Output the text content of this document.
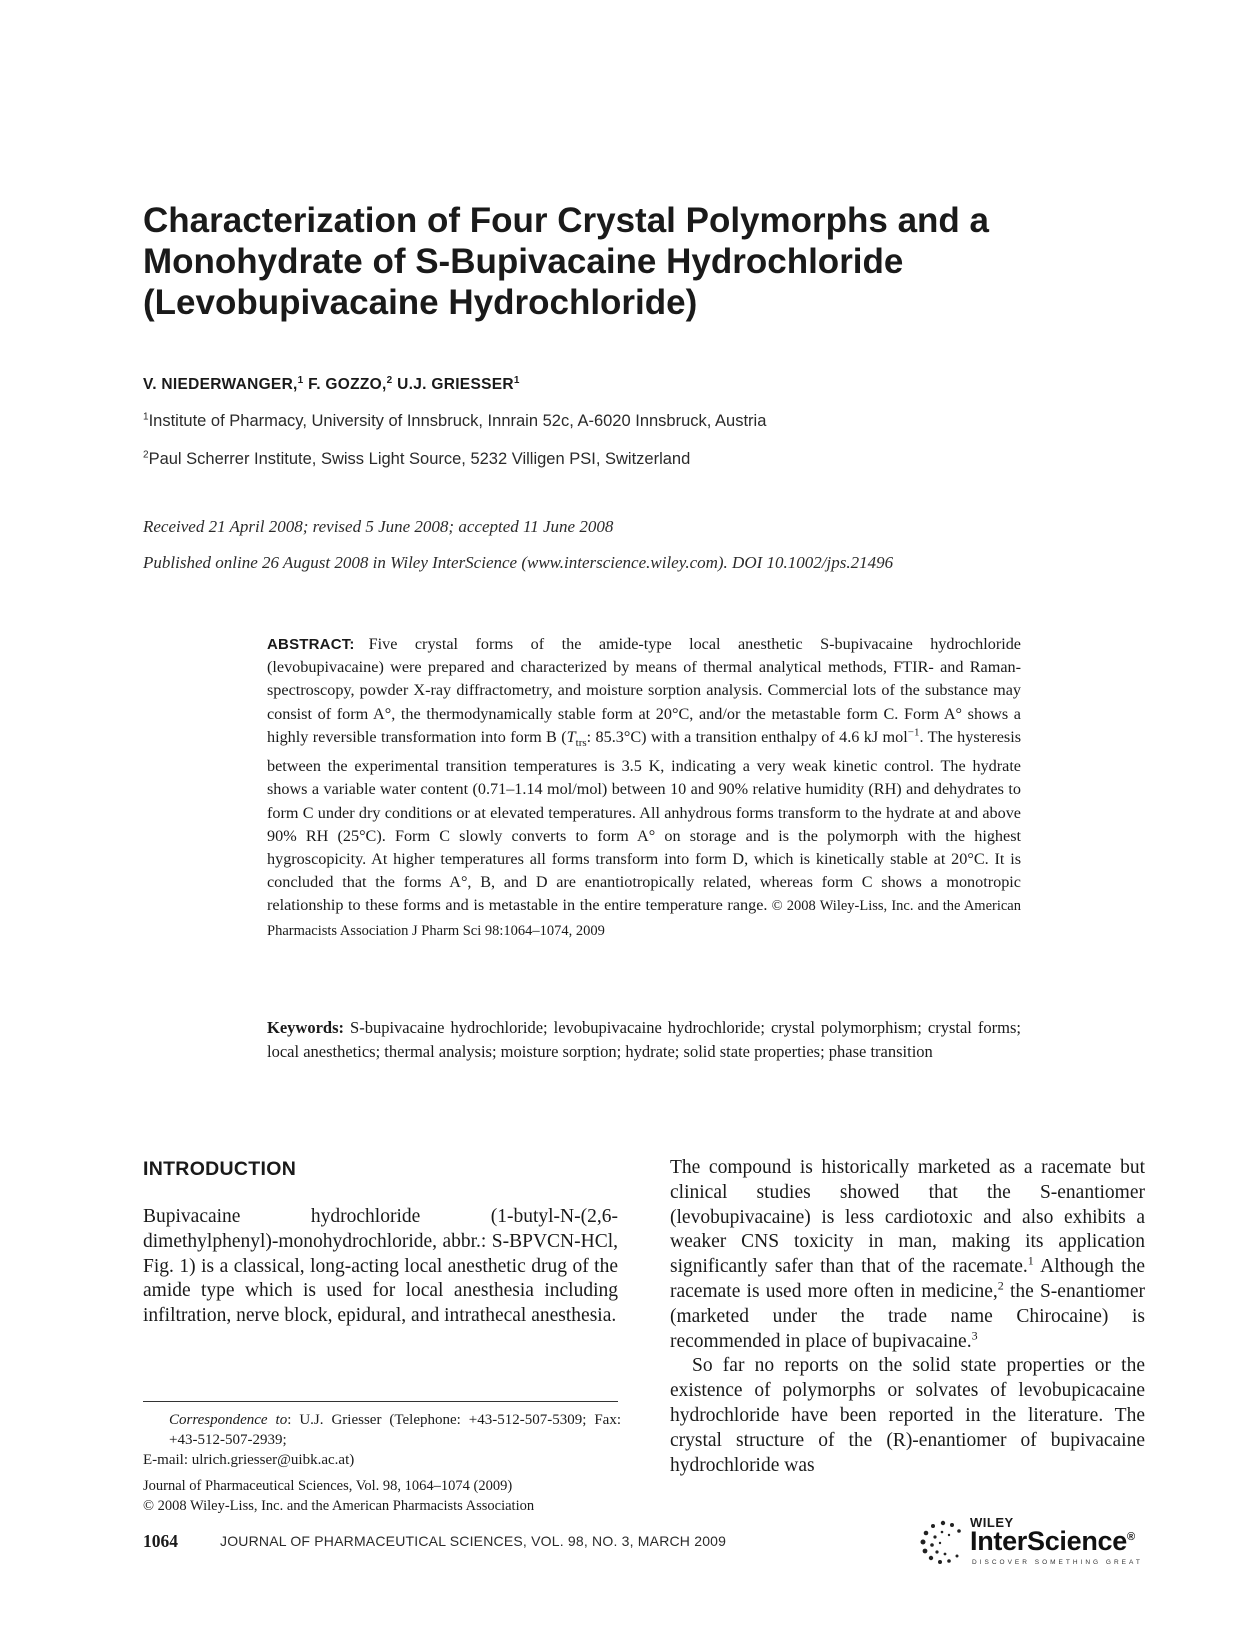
Characterization of Four Crystal Polymorphs and a
Monohydrate of S-Bupivacaine Hydrochloride
(Levobupivacaine Hydrochloride)
V. NIEDERWANGER,$^1$ F. GOZZO,$^2$ U.J. GRIESSER$^1$
$^1$Institute of Pharmacy, University of Innsbruck, Innrain 52c, A-6020 Innsbruck, Austria
$^2$Paul Scherrer Institute, Swiss Light Source, 5232 Villigen PSI, Switzerland
Received 21 April 2008; revised 5 June 2008; accepted 11 June 2008
Published online 26 August 2008 in Wiley InterScience (www.interscience.wiley.com). DOI 10.1002/jps.21496
ABSTRACT: Five crystal forms of the amide-type local anesthetic S-bupivacaine hydrochloride (levobupivacaine) were prepared and characterized by means of thermal analytical methods, FTIR- and Raman-spectroscopy, powder X-ray diffractometry, and moisture sorption analysis. Commercial lots of the substance may consist of form A°, the thermodynamically stable form at 20°C, and/or the metastable form C. Form A° shows a highly reversible transformation into form B ($T_{trs}$: 85.3°C) with a transition enthalpy of 4.6 kJ mol$^{-1}$. The hysteresis between the experimental transition temperatures is 3.5 K, indicating a very weak kinetic control. The hydrate shows a variable water content (0.71–1.14 mol/mol) between 10 and 90% relative humidity (RH) and dehydrates to form C under dry conditions or at elevated temperatures. All anhydrous forms transform to the hydrate at and above 90% RH (25°C). Form C slowly converts to form A° on storage and is the polymorph with the highest hygroscopicity. At higher temperatures all forms transform into form D, which is kinetically stable at 20°C. It is concluded that the forms A°, B, and D are enantiotropically related, whereas form C shows a monotropic relationship to these forms and is metastable in the entire temperature range. © 2008 Wiley-Liss, Inc. and the American Pharmacists Association J Pharm Sci 98:1064–1074, 2009
Keywords: S-bupivacaine hydrochloride; levobupivacaine hydrochloride; crystal polymorphism; crystal forms; local anesthetics; thermal analysis; moisture sorption; hydrate; solid state properties; phase transition
INTRODUCTION

Bupivacaine hydrochloride (1-butyl-N-(2,6-dimethylphenyl)-monohydrochloride, abbr.: S-BPVCN-HCl, Fig. 1) is a classical, long-acting local anesthetic drug of the amide type which is used for local anesthesia including infiltration, nerve block, epidural, and intrathecal anesthesia.

The compound is historically marketed as a racemate but clinical studies showed that the S-enantiomer (levobupivacaine) is less cardiotoxic and also exhibits a weaker CNS toxicity in man, making its application significantly safer than that of the racemate.$^1$ Although the racemate is used more often in medicine,$^2$ the S-enantiomer (marketed under the trade name Chirocaine) is recommended in place of bupivacaine.$^3$

So far no reports on the solid state properties or the existence of polymorphs or solvates of levobupicacaine hydrochloride have been reported in the literature. The crystal structure of the (R)-enantiomer of bupivacaine hydrochloride was

Correspondence to: U.J. Griesser (Telephone: +43-512-507-5309; Fax: +43-512-507-2939;
E-mail: ulrich.griesser@uibk.ac.at)
Journal of Pharmaceutical Sciences, Vol. 98, 1064–1074 (2009)
© 2008 Wiley-Liss, Inc. and the American Pharmacists Association
1064	JOURNAL OF PHARMACEUTICAL SCIENCES, VOL. 98, NO. 3, MARCH 2009
WILEY
InterScience®
DISCOVER SOMETHING GREAT
